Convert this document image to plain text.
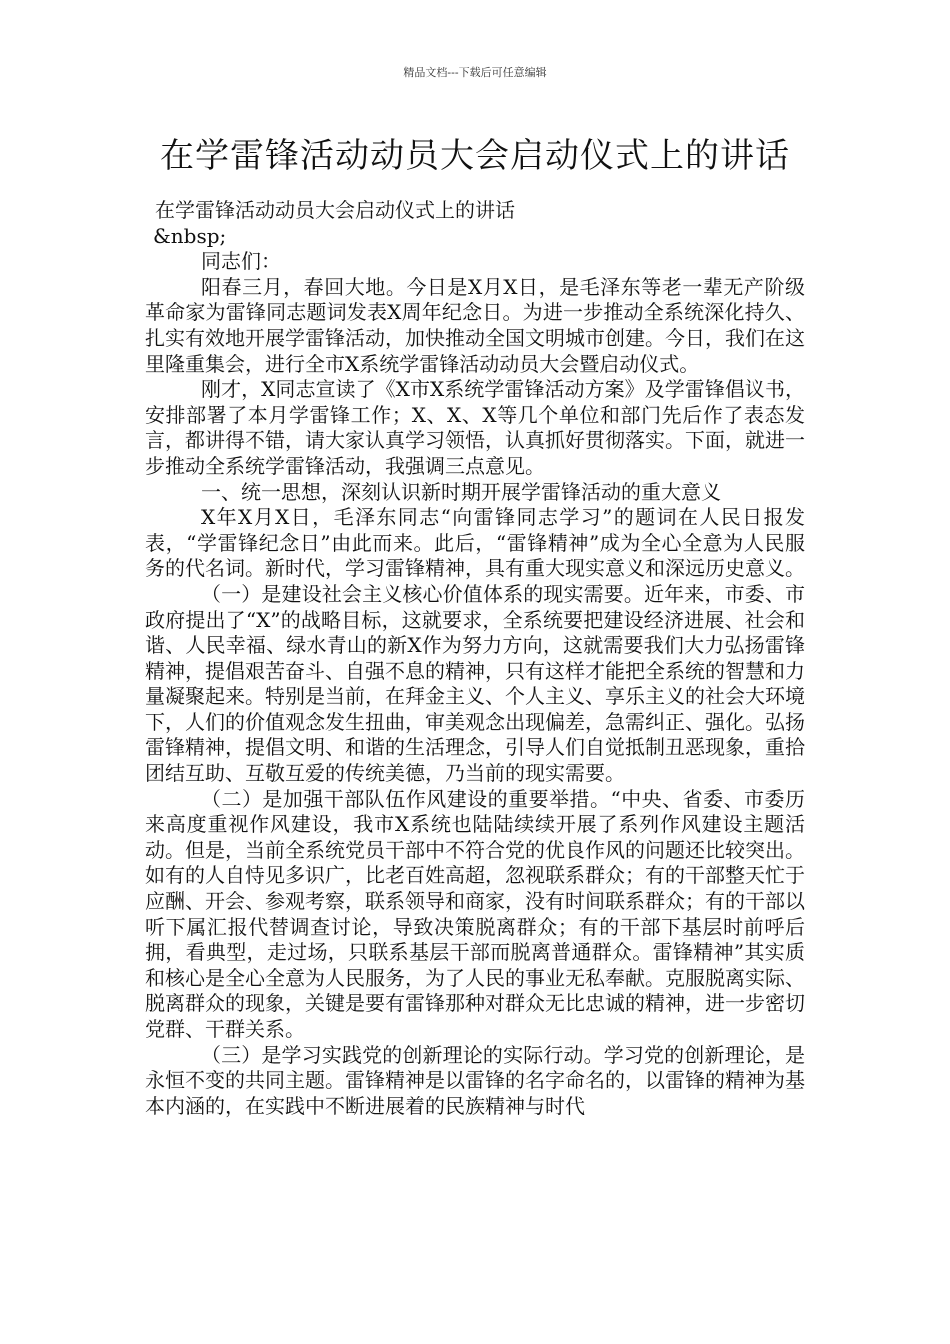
精品文档---下载后可任意编辑
在学雷锋活动动员大会启动仪式上的讲话

在学雷锋活动动员大会启动仪式上的讲话

&nbsp;

同志们：

阳春三月，春回大地。今日是X月X日，是毛泽东等老一辈无产阶级革命家为雷锋同志题词发表X周年纪念日。为进一步推动全系统深化持久、扎实有效地开展学雷锋活动，加快推动全国文明城市创建。今日，我们在这里隆重集会，进行全市X系统学雷锋活动动员大会暨启动仪式。

刚才，X同志宣读了《X市X系统学雷锋活动方案》及学雷锋倡议书，安排部署了本月学雷锋工作；X、X、X等几个单位和部门先后作了表态发言，都讲得不错，请大家认真学习领悟，认真抓好贯彻落实。下面，就进一步推动全系统学雷锋活动，我强调三点意见。

一、统一思想，深刻认识新时期开展学雷锋活动的重大意义

X年X月X日，毛泽东同志“向雷锋同志学习”的题词在人民日报发表，“学雷锋纪念日”由此而来。此后，“雷锋精神”成为全心全意为人民服务的代名词。新时代，学习雷锋精神，具有重大现实意义和深远历史意义。

（一）是建设社会主义核心价值体系的现实需要。近年来，市委、市政府提出了“X”的战略目标，这就要求，全系统要把建设经济进展、社会和谐、人民幸福、绿水青山的新X作为努力方向，这就需要我们大力弘扬雷锋精神，提倡艰苦奋斗、自强不息的精神，只有这样才能把全系统的智慧和力量凝聚起来。特别是当前，在拜金主义、个人主义、享乐主义的社会大环境下，人们的价值观念发生扭曲，审美观念出现偏差，急需纠正、强化。弘扬雷锋精神，提倡文明、和谐的生活理念，引导人们自觉抵制丑恶现象，重拾团结互助、互敬互爱的传统美德，乃当前的现实需要。

（二）是加强干部队伍作风建设的重要举措。“中央、省委、市委历来高度重视作风建设，我市X系统也陆陆续续开展了系列作风建设主题活动。但是，当前全系统党员干部中不符合党的优良作风的问题还比较突出。如有的人自恃见多识广，比老百姓高超，忽视联系群众；有的干部整天忙于应酬、开会、参观考察，联系领导和商家，没有时间联系群众；有的干部以听下属汇报代替调查讨论，导致决策脱离群众；有的干部下基层时前呼后拥，看典型，走过场，只联系基层干部而脱离普通群众。雷锋精神”其实质和核心是全心全意为人民服务，为了人民的事业无私奉献。克服脱离实际、脱离群众的现象，关键是要有雷锋那种对群众无比忠诚的精神，进一步密切党群、干群关系。

（三）是学习实践党的创新理论的实际行动。学习党的创新理论，是永恒不变的共同主题。雷锋精神是以雷锋的名字命名的，以雷锋的精神为基本内涵的，在实践中不断进展着的民族精神与时代
